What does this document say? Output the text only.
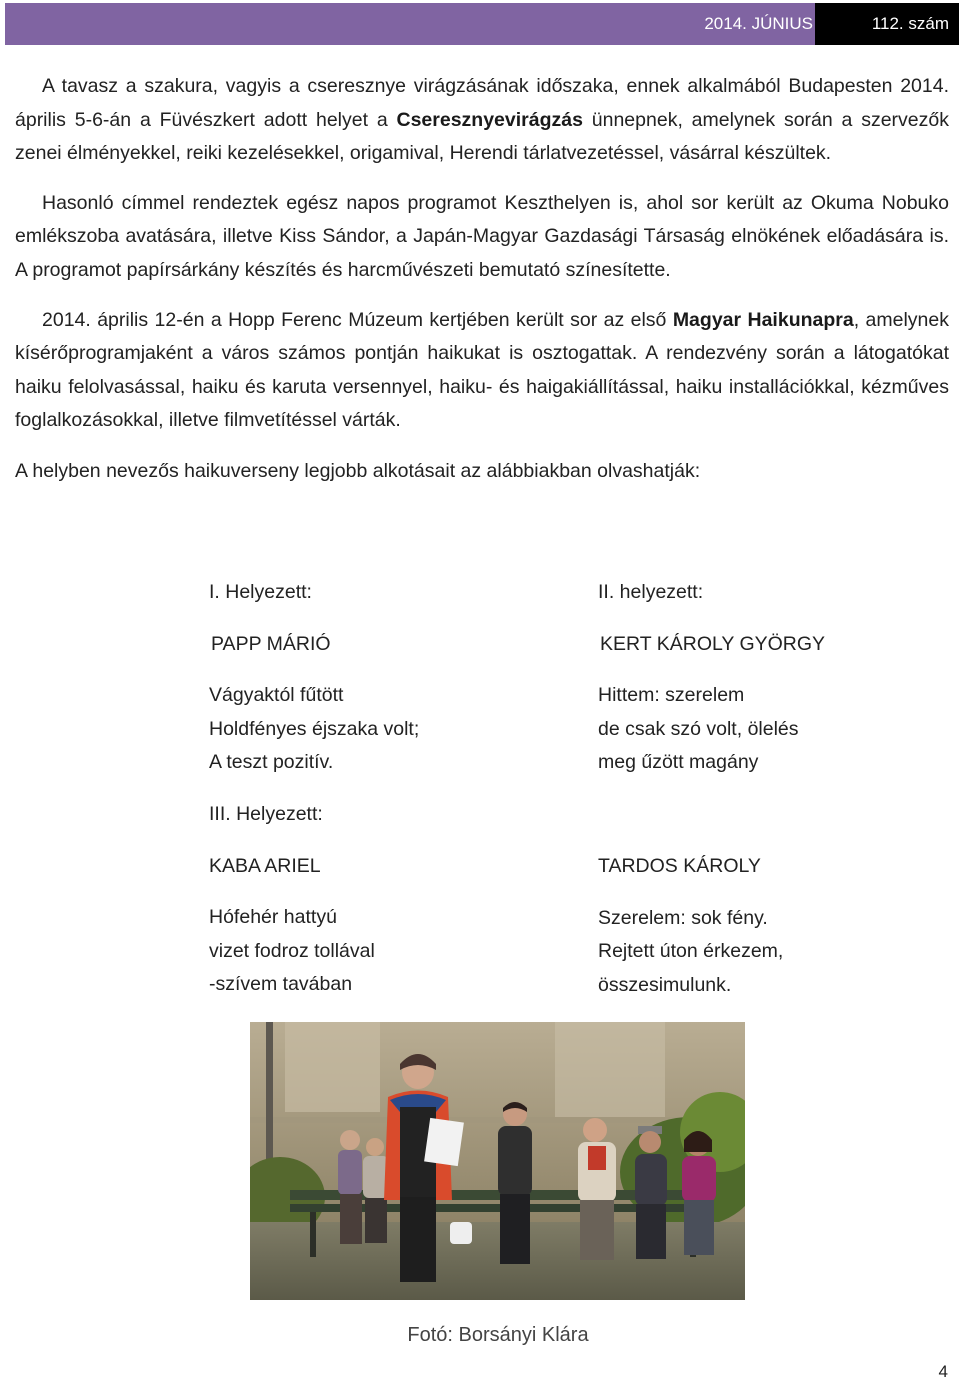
2014. JÚNIUS	112. szám

A tavasz a szakura, vagyis a cseresznye virágzásának időszaka, ennek alkalmából Budapesten 2014. április 5-6-án a Füvészkert adott helyet a Cseresznyevirágzás ünnepnek, amelynek során a szervezők zenei élményekkel, reiki kezelésekkel, origamival, Herendi tárlatvezetéssel, vásárral készültek.

Hasonló címmel rendeztek egész napos programot Keszthelyen is, ahol sor került az Okuma Nobuko emlékszoba avatására, illetve Kiss Sándor, a Japán-Magyar Gazdasági Társaság elnökének előadására is. A programot papírsárkány készítés és harcművészeti bemutató színesítette.

2014. április 12-én a Hopp Ferenc Múzeum kertjében került sor az első Magyar Haikunapra, amelynek kísérőprogramjaként a város számos pontján haikukat is osztogattak. A rendezvény során a látogatókat haiku felolvasással, haiku és karuta versennyel, haiku- és haigakiállítással, haiku installációkkal, kézműves foglalkozásokkal, illetve filmvetítéssel várták.

A helyben nevezős haikuverseny legjobb alkotásait az alábbiakban olvashatják:

I. Helyezett:
PAPP MÁRIÓ
Vágyaktól fűtött
Holdfényes éjszaka volt;
A teszt pozitív.
II. helyezett:
KERT KÁROLY GYÖRGY
Hittem: szerelem
de csak szó volt, ölelés
meg űzött magány
III. Helyezett:
KABA ARIEL
Hófehér hattyú
vizet fodroz tollával
-szívem tavában
TARDOS KÁROLY
Szerelem: sok fény.
Rejtett úton érkezem,
összesimulunk.
Fotó: Borsányi Klára
4
